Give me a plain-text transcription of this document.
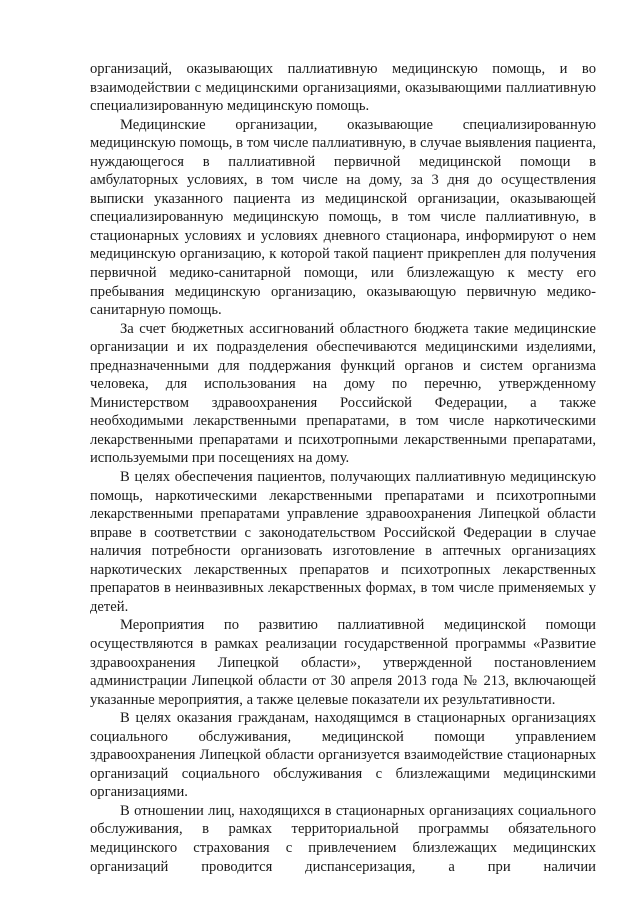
организаций, оказывающих паллиативную медицинскую помощь, и во взаимодействии с медицинскими организациями, оказывающими паллиативную специализированную медицинскую помощь.

Медицинские организации, оказывающие специализированную медицинскую помощь, в том числе паллиативную, в случае выявления пациента, нуждающегося в паллиативной первичной медицинской помощи в амбулаторных условиях, в том числе на дому, за 3 дня до осуществления выписки указанного пациента из медицинской организации, оказывающей специализированную медицинскую помощь, в том числе паллиативную, в стационарных условиях и условиях дневного стационара, информируют о нем медицинскую организацию, к которой такой пациент прикреплен для получения первичной медико-санитарной помощи, или близлежащую к месту его пребывания медицинскую организацию, оказывающую первичную медико-санитарную помощь.

За счет бюджетных ассигнований областного бюджета такие медицинские организации и их подразделения обеспечиваются медицинскими изделиями, предназначенными для поддержания функций органов и систем организма человека, для использования на дому по перечню, утвержденному Министерством здравоохранения Российской Федерации, а также необходимыми лекарственными препаратами, в том числе наркотическими лекарственными препаратами и психотропными лекарственными препаратами, используемыми при посещениях на дому.

В целях обеспечения пациентов, получающих паллиативную медицинскую помощь, наркотическими лекарственными препаратами и психотропными лекарственными препаратами управление здравоохранения Липецкой области вправе в соответствии с законодательством Российской Федерации в случае наличия потребности организовать изготовление в аптечных организациях наркотических лекарственных препаратов и психотропных лекарственных препаратов в неинвазивных лекарственных формах, в том числе применяемых у детей.

Мероприятия по развитию паллиативной медицинской помощи осуществляются в рамках реализации государственной программы «Развитие здравоохранения Липецкой области», утвержденной постановлением администрации Липецкой области от 30 апреля 2013 года № 213, включающей указанные мероприятия, а также целевые показатели их результативности.

В целях оказания гражданам, находящимся в стационарных организациях социального обслуживания, медицинской помощи управлением здравоохранения Липецкой области организуется взаимодействие стационарных организаций социального обслуживания с близлежащими медицинскими организациями.

В отношении лиц, находящихся в стационарных организациях социального обслуживания, в рамках территориальной программы обязательного медицинского страхования с привлечением близлежащих медицинских организаций проводится диспансеризация, а при наличии
